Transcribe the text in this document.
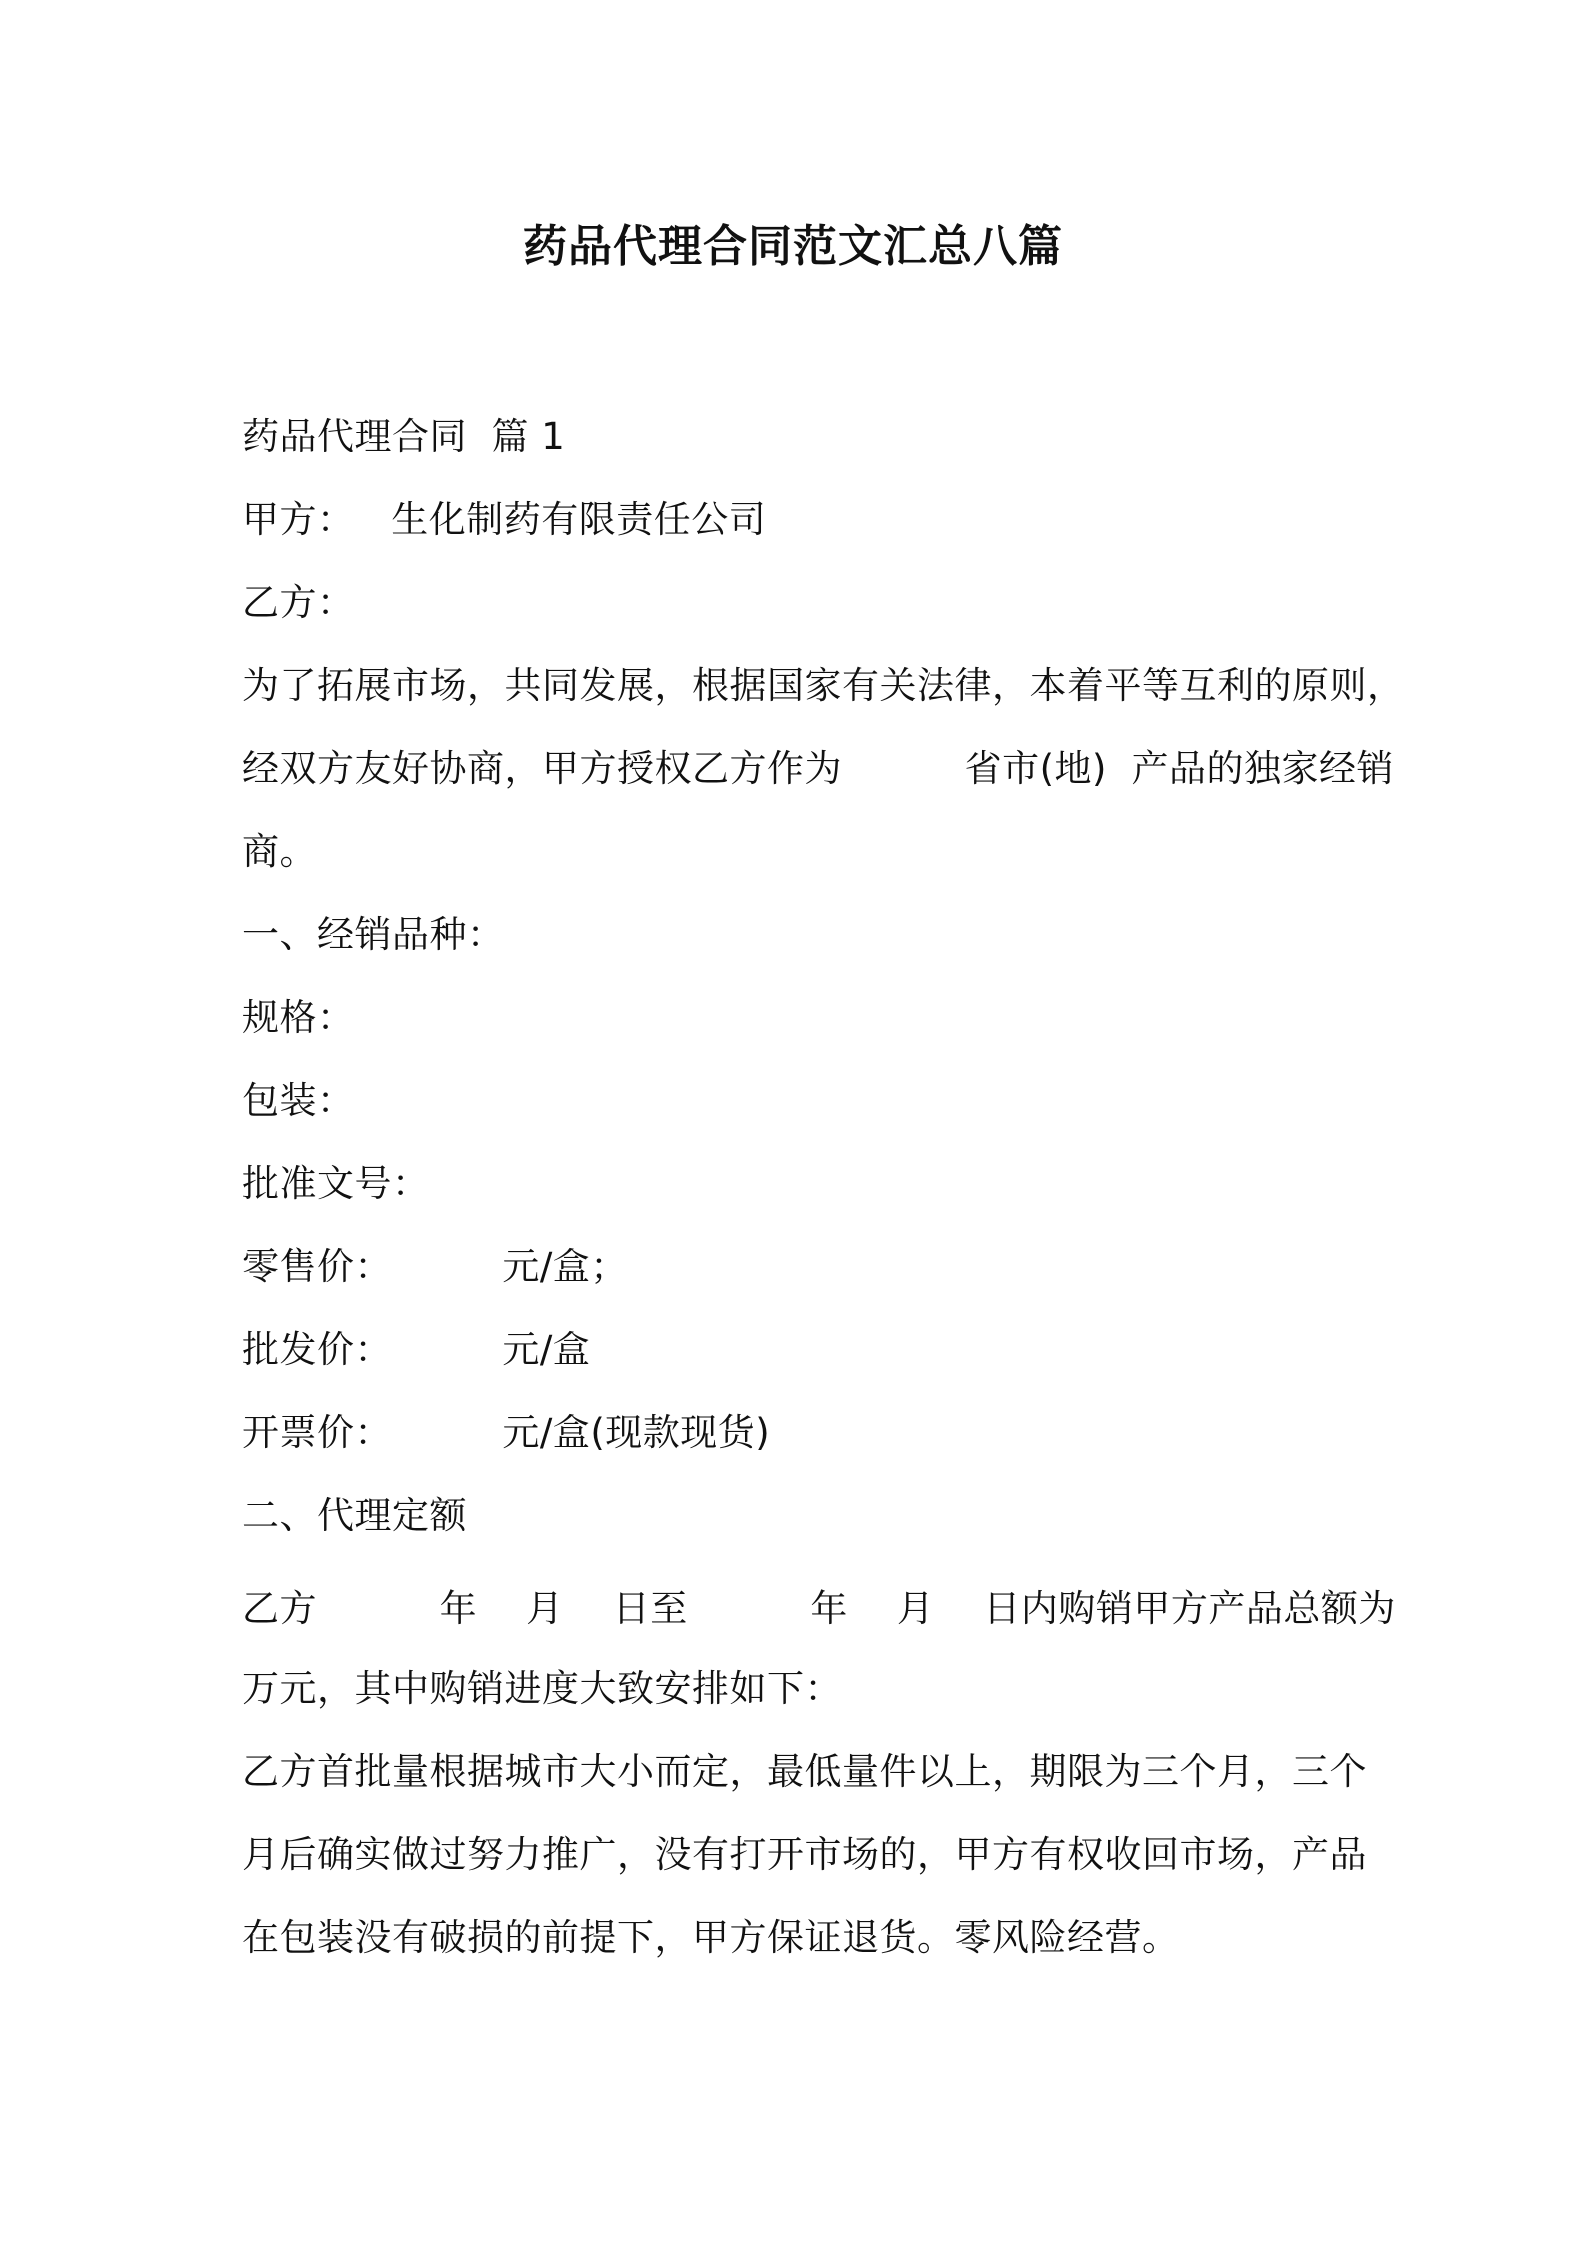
药品代理合同范文汇总八篇
药品代理合同  篇 1
甲方：   生化制药有限责任公司
乙方：
为了拓展市场，共同发展，根据国家有关法律，本着平等互利的原则，
经双方友好协商，甲方授权乙方作为          省市(地)  产品的独家经销
商。
一、经销品种：
规格：
包装：
批准文号：
零售价：         元/盒；
批发价：         元/盒
开票价：         元/盒(现款现货)
二、代理定额
乙方          年    月    日至          年    月    日内购销甲方产品总额为
万元，其中购销进度大致安排如下：
乙方首批量根据城市大小而定，最低量件以上，期限为三个月，三个
月后确实做过努力推广，没有打开市场的，甲方有权收回市场，产品
在包装没有破损的前提下，甲方保证退货。零风险经营。
